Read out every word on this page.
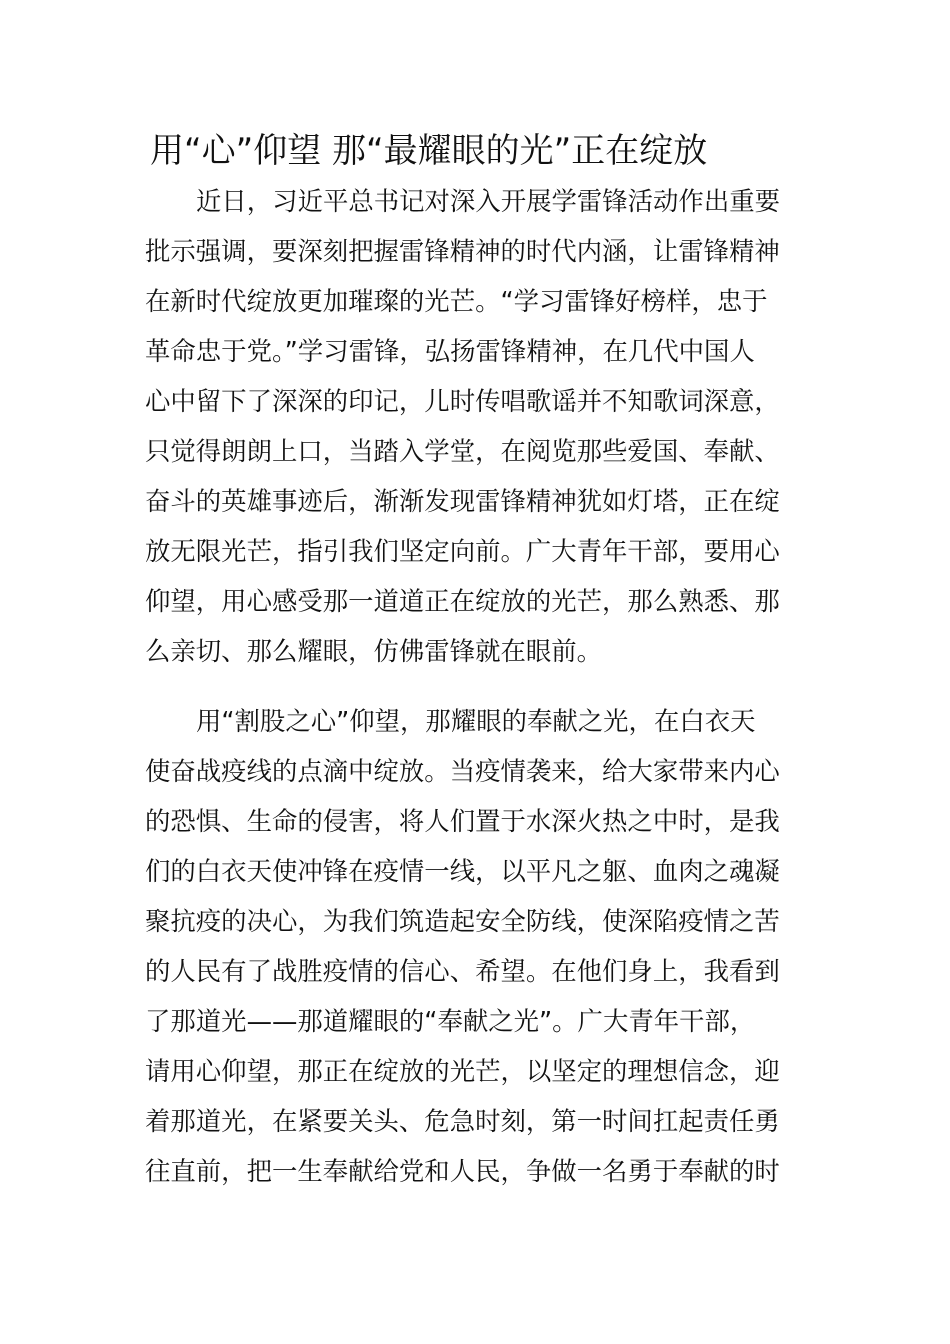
用“心”仰望 那“最耀眼的光”正在绽放
近日，习近平总书记对深入开展学雷锋活动作出重要
批示强调，要深刻把握雷锋精神的时代内涵，让雷锋精神
在新时代绽放更加璀璨的光芒。“学习雷锋好榜样，忠于
革命忠于党。”学习雷锋，弘扬雷锋精神，在几代中国人
心中留下了深深的印记，儿时传唱歌谣并不知歌词深意，
只觉得朗朗上口，当踏入学堂，在阅览那些爱国、奉献、
奋斗的英雄事迹后，渐渐发现雷锋精神犹如灯塔，正在绽
放无限光芒，指引我们坚定向前。广大青年干部，要用心
仰望，用心感受那一道道正在绽放的光芒，那么熟悉、那
么亲切、那么耀眼，仿佛雷锋就在眼前。
用“割股之心”仰望，那耀眼的奉献之光，在白衣天
使奋战疫线的点滴中绽放。当疫情袭来，给大家带来内心
的恐惧、生命的侵害，将人们置于水深火热之中时，是我
们的白衣天使冲锋在疫情一线，以平凡之躯、血肉之魂凝
聚抗疫的决心，为我们筑造起安全防线，使深陷疫情之苦
的人民有了战胜疫情的信心、希望。在他们身上，我看到
了那道光——那道耀眼的“奉献之光”。广大青年干部，
请用心仰望，那正在绽放的光芒，以坚定的理想信念，迎
着那道光，在紧要关头、危急时刻，第一时间扛起责任勇
往直前，把一生奉献给党和人民，争做一名勇于奉献的时
